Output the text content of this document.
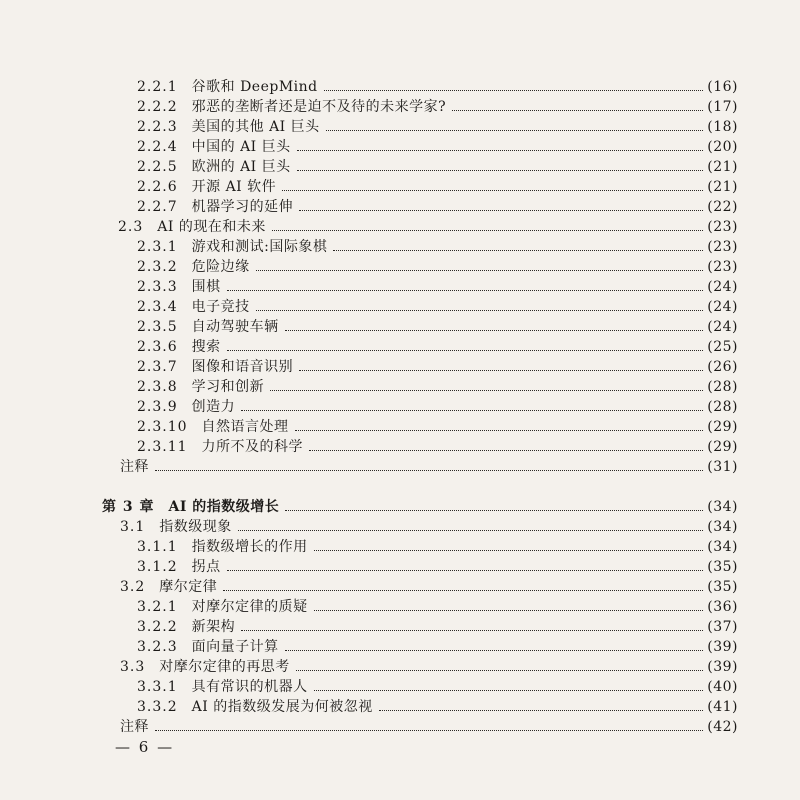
2.2.1 谷歌和 DeepMind	(16)
2.2.2 邪恶的垄断者还是迫不及待的未来学家?	(17)
2.2.3 美国的其他 AI 巨头	(18)
2.2.4 中国的 AI 巨头	(20)
2.2.5 欧洲的 AI 巨头	(21)
2.2.6 开源 AI 软件	(21)
2.2.7 机器学习的延伸	(22)
2.3 AI 的现在和未来	(23)
2.3.1 游戏和测试:国际象棋	(23)
2.3.2 危险边缘	(23)
2.3.3 围棋	(24)
2.3.4 电子竞技	(24)
2.3.5 自动驾驶车辆	(24)
2.3.6 搜索	(25)
2.3.7 图像和语音识别	(26)
2.3.8 学习和创新	(28)
2.3.9 创造力	(28)
2.3.10 自然语言处理	(29)
2.3.11 力所不及的科学	(29)
注释	(31)
第 3 章 AI 的指数级增长	(34)
3.1 指数级现象	(34)
3.1.1 指数级增长的作用	(34)
3.1.2 拐点	(35)
3.2 摩尔定律	(35)
3.2.1 对摩尔定律的质疑	(36)
3.2.2 新架构	(37)
3.2.3 面向量子计算	(39)
3.3 对摩尔定律的再思考	(39)
3.3.1 具有常识的机器人	(40)
3.3.2 AI 的指数级发展为何被忽视	(41)
注释	(42)
— 6 —
